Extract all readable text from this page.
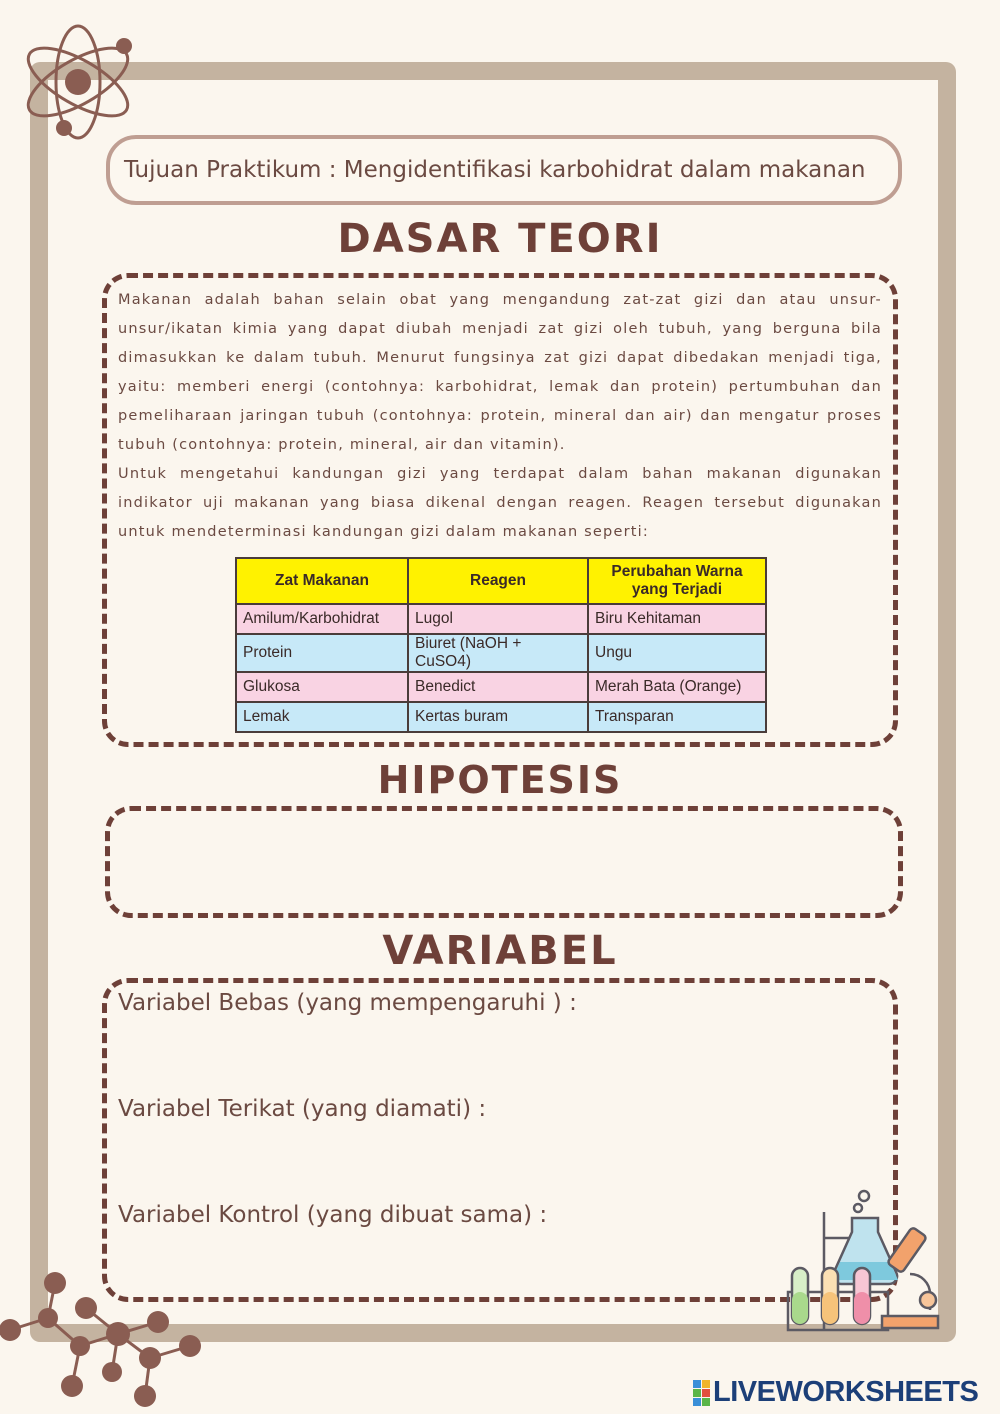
Tujuan Praktikum : Mengidentifikasi karbohidrat dalam makanan
DASAR TEORI
Makanan adalah bahan selain obat yang mengandung zat-zat gizi dan atau unsur-unsur/ikatan kimia yang dapat diubah menjadi zat gizi oleh tubuh, yang berguna bila dimasukkan ke dalam tubuh. Menurut fungsinya zat gizi dapat dibedakan menjadi tiga, yaitu: memberi energi (contohnya: karbohidrat, lemak dan protein) pertumbuhan dan pemeliharaan jaringan tubuh (contohnya: protein, mineral dan air) dan mengatur proses tubuh (contohnya: protein, mineral, air dan vitamin).
Untuk mengetahui kandungan gizi yang terdapat dalam bahan makanan digunakan indikator uji makanan yang biasa dikenal dengan reagen. Reagen tersebut digunakan untuk mendeterminasi kandungan gizi dalam makanan seperti:
Zat Makanan	Reagen	Perubahan Warna yang Terjadi
Amilum/Karbohidrat	Lugol	Biru Kehitaman
Protein	Biuret (NaOH + CuSO4)	Ungu
Glukosa	Benedict	Merah Bata (Orange)
Lemak	Kertas buram	Transparan
HIPOTESIS
VARIABEL
Variabel Bebas (yang mempengaruhi ) :
Variabel Terikat (yang diamati) :
Variabel Kontrol (yang dibuat sama) :
LIVEWORKSHEETS
